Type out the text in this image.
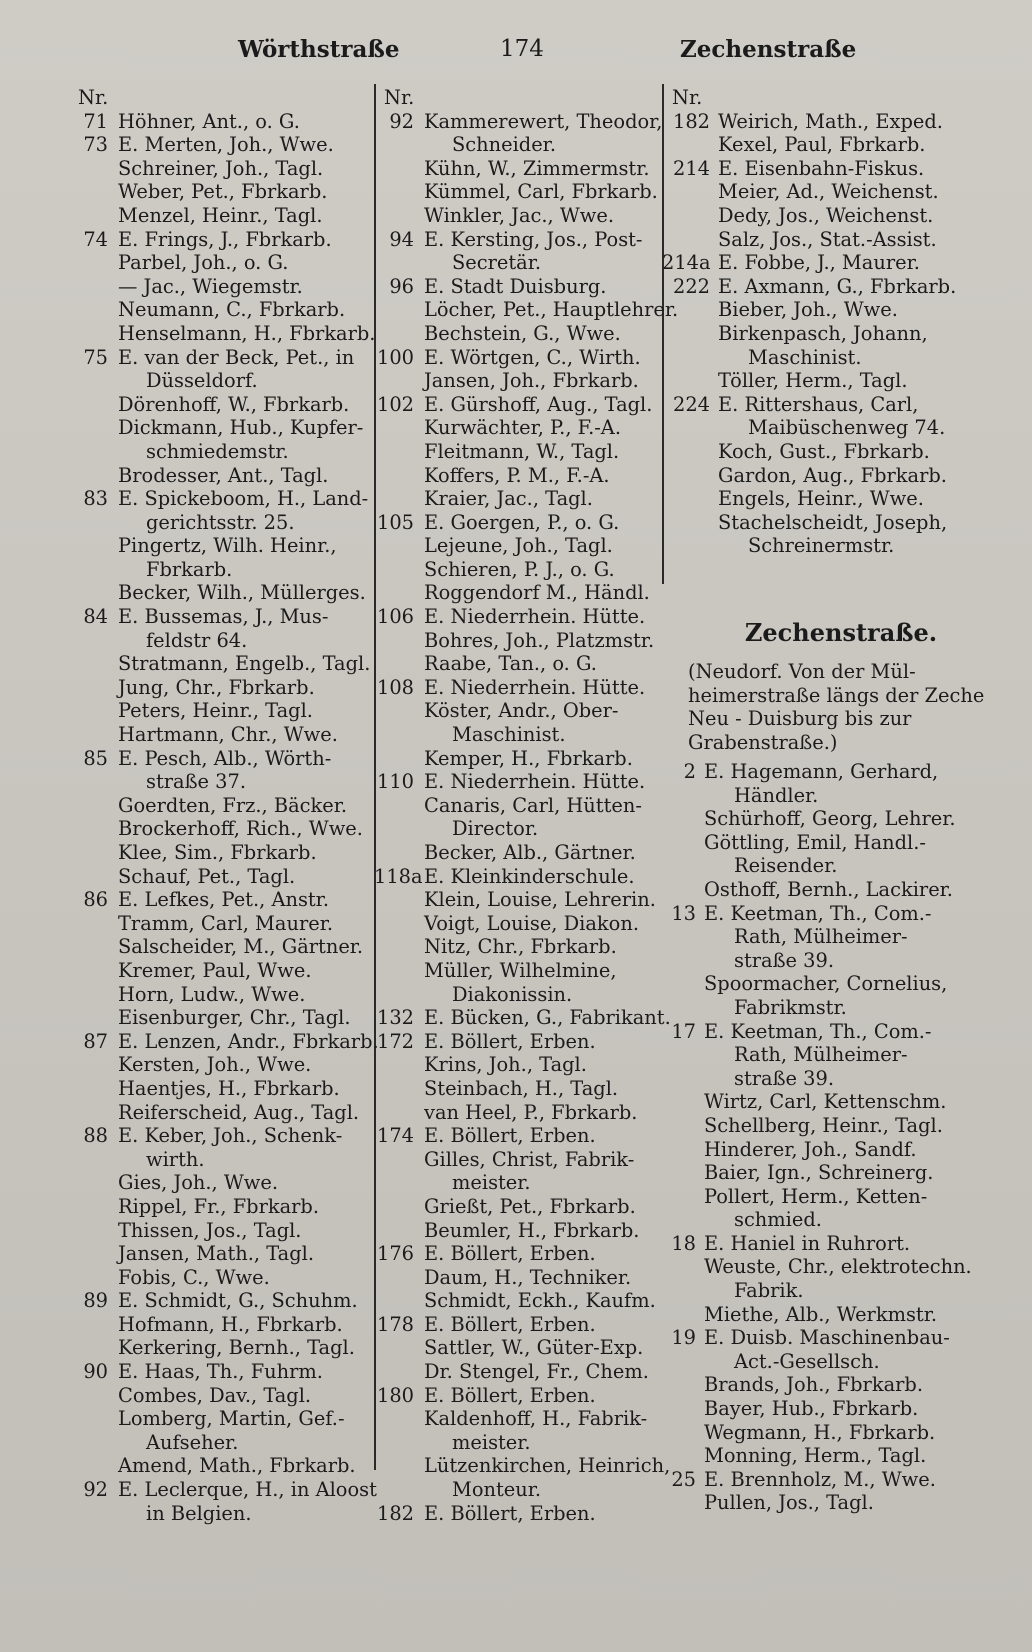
Wörthstraße	174	Zechenstraße
Nr.
71 Höhner, Ant., o. G.
73 E. Merten, Joh., Wwe.
Schreiner, Joh., Tagl.
Weber, Pet., Fbrkarb.
Menzel, Heinr., Tagl.
74 E. Frings, J., Fbrkarb.
Parbel, Joh., o. G.
— Jac., Wiegemstr.
Neumann, C., Fbrkarb.
Henselmann, H., Fbrkarb.
75 E. van der Beck, Pet., in
Düsseldorf.
Dörenhoff, W., Fbrkarb.
Dickmann, Hub., Kupfer-
schmiedemstr.
Brodesser, Ant., Tagl.
83 E. Spickeboom, H., Land-
gerichtsstr. 25.
Pingertz, Wilh. Heinr.,
Fbrkarb.
Becker, Wilh., Müllerges.
84 E. Bussemas, J., Mus-
feldstr 64.
Stratmann, Engelb., Tagl.
Jung, Chr., Fbrkarb.
Peters, Heinr., Tagl.
Hartmann, Chr., Wwe.
85 E. Pesch, Alb., Wörth-
straße 37.
Goerdten, Frz., Bäcker.
Brockerhoff, Rich., Wwe.
Klee, Sim., Fbrkarb.
Schauf, Pet., Tagl.
86 E. Lefkes, Pet., Anstr.
Tramm, Carl, Maurer.
Salscheider, M., Gärtner.
Kremer, Paul, Wwe.
Horn, Ludw., Wwe.
Eisenburger, Chr., Tagl.
87 E. Lenzen, Andr., Fbrkarb.
Kersten, Joh., Wwe.
Haentjes, H., Fbrkarb.
Reiferscheid, Aug., Tagl.
88 E. Keber, Joh., Schenk-
wirth.
Gies, Joh., Wwe.
Rippel, Fr., Fbrkarb.
Thissen, Jos., Tagl.
Jansen, Math., Tagl.
Fobis, C., Wwe.
89 E. Schmidt, G., Schuhm.
Hofmann, H., Fbrkarb.
Kerkering, Bernh., Tagl.
90 E. Haas, Th., Fuhrm.
Combes, Dav., Tagl.
Lomberg, Martin, Gef.-
Aufseher.
Amend, Math., Fbrkarb.
92 E. Leclerque, H., in Aloost
in Belgien.
Nr.
92 Kammerewert, Theodor,
Schneider.
Kühn, W., Zimmermstr.
Kümmel, Carl, Fbrkarb.
Winkler, Jac., Wwe.
94 E. Kersting, Jos., Post-
Secretär.
96 E. Stadt Duisburg.
Löcher, Pet., Hauptlehrer.
Bechstein, G., Wwe.
100 E. Wörtgen, C., Wirth.
Jansen, Joh., Fbrkarb.
102 E. Gürshoff, Aug., Tagl.
Kurwächter, P., F.-A.
Fleitmann, W., Tagl.
Koffers, P. M., F.-A.
Kraier, Jac., Tagl.
105 E. Goergen, P., o. G.
Lejeune, Joh., Tagl.
Schieren, P. J., o. G.
Roggendorf M., Händl.
106 E. Niederrhein. Hütte.
Bohres, Joh., Platzmstr.
Raabe, Tan., o. G.
108 E. Niederrhein. Hütte.
Köster, Andr., Ober-
Maschinist.
Kemper, H., Fbrkarb.
110 E. Niederrhein. Hütte.
Canaris, Carl, Hütten-
Director.
Becker, Alb., Gärtner.
118a E. Kleinkinderschule.
Klein, Louise, Lehrerin.
Voigt, Louise, Diakon.
Nitz, Chr., Fbrkarb.
Müller, Wilhelmine,
Diakonissin.
132 E. Bücken, G., Fabrikant.
172 E. Böllert, Erben.
Krins, Joh., Tagl.
Steinbach, H., Tagl.
van Heel, P., Fbrkarb.
174 E. Böllert, Erben.
Gilles, Christ, Fabrik-
meister.
Grießt, Pet., Fbrkarb.
Beumler, H., Fbrkarb.
176 E. Böllert, Erben.
Daum, H., Techniker.
Schmidt, Eckh., Kaufm.
178 E. Böllert, Erben.
Sattler, W., Güter-Exp.
Dr. Stengel, Fr., Chem.
180 E. Böllert, Erben.
Kaldenhoff, H., Fabrik-
meister.
Lützenkirchen, Heinrich,
Monteur.
182 E. Böllert, Erben.
Nr.
182 Weirich, Math., Exped.
Kexel, Paul, Fbrkarb.
214 E. Eisenbahn-Fiskus.
Meier, Ad., Weichenst.
Dedy, Jos., Weichenst.
Salz, Jos., Stat.-Assist.
214a E. Fobbe, J., Maurer.
222 E. Axmann, G., Fbrkarb.
Bieber, Joh., Wwe.
Birkenpasch, Johann,
Maschinist.
Töller, Herm., Tagl.
224 E. Rittershaus, Carl,
Maibüschenweg 74.
Koch, Gust., Fbrkarb.
Gardon, Aug., Fbrkarb.
Engels, Heinr., Wwe.
Stachelscheidt, Joseph,
Schreinermstr.
Zechenstraße.
(Neudorf. Von der Mül-
heimerstraße längs der Zeche
Neu - Duisburg bis zur
Grabenstraße.)
2 E. Hagemann, Gerhard,
Händler.
Schürhoff, Georg, Lehrer.
Göttling, Emil, Handl.-
Reisender.
Osthoff, Bernh., Lackirer.
13 E. Keetman, Th., Com.-
Rath, Mülheimer-
straße 39.
Spoormacher, Cornelius,
Fabrikmstr.
17 E. Keetman, Th., Com.-
Rath, Mülheimer-
straße 39.
Wirtz, Carl, Kettenschm.
Schellberg, Heinr., Tagl.
Hinderer, Joh., Sandf.
Baier, Ign., Schreinerg.
Pollert, Herm., Ketten-
schmied.
18 E. Haniel in Ruhrort.
Weuste, Chr., elektrotechn.
Fabrik.
Miethe, Alb., Werkmstr.
19 E. Duisb. Maschinenbau-
Act.-Gesellsch.
Brands, Joh., Fbrkarb.
Bayer, Hub., Fbrkarb.
Wegmann, H., Fbrkarb.
Monning, Herm., Tagl.
25 E. Brennholz, M., Wwe.
Pullen, Jos., Tagl.
